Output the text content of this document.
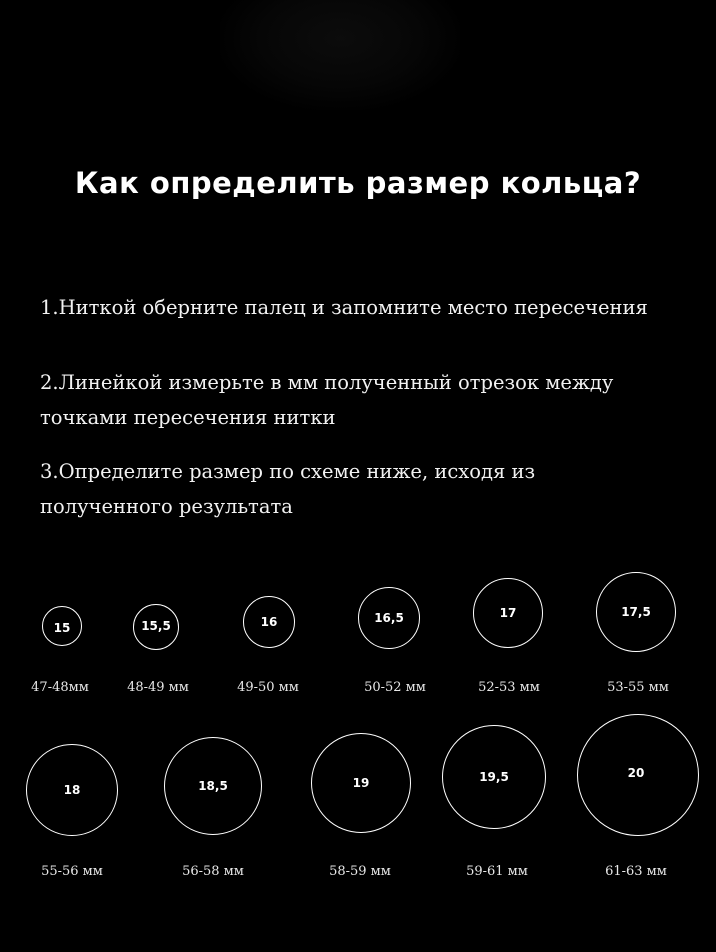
Как определить размер кольца?
1.Ниткой оберните палец и запомните место пересечения
2.Линейкой измерьте в мм полученный отрезок между точками пересечения нитки
3.Определите размер по схеме ниже, исходя из полученного результата
15
47-48мм
15,5
48-49 мм
16
49-50 мм
16,5
50-52 мм
17
52-53 мм
17,5
53-55 мм
18
55-56 мм
18,5
56-58 мм
19
58-59 мм
19,5
59-61 мм
20
61-63 мм
